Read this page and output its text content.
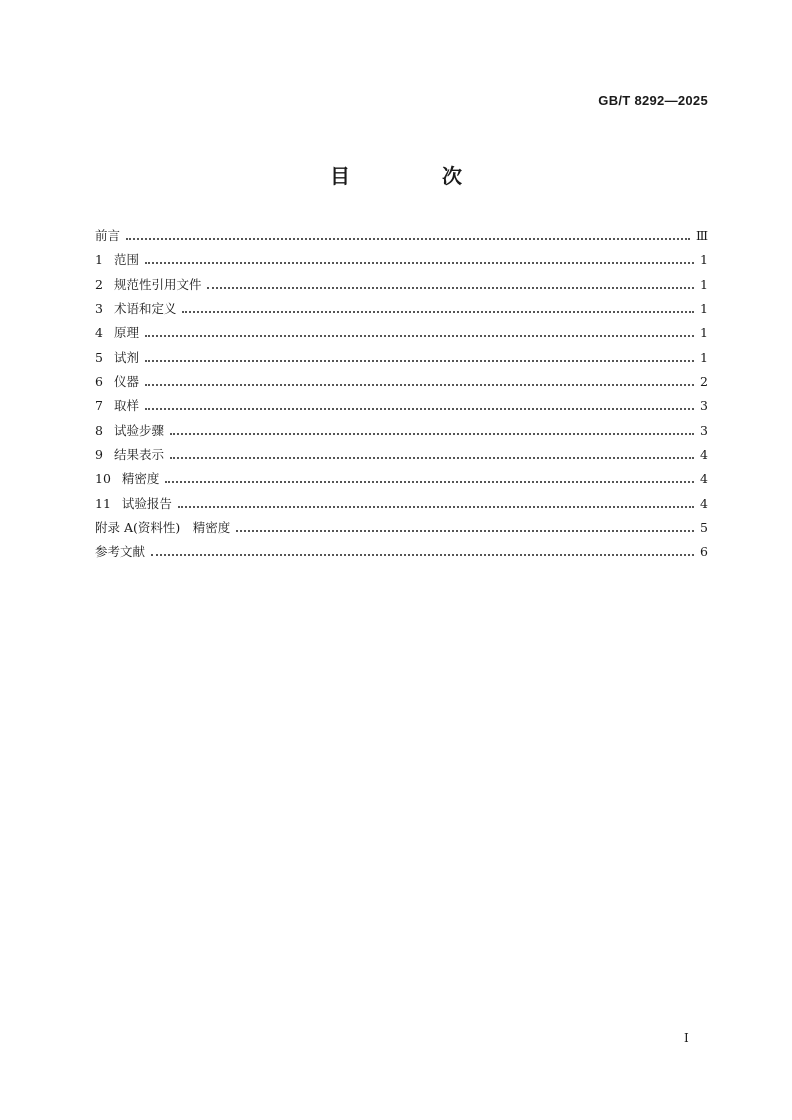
GB/T 8292—2025
目　次
前言	Ⅲ
1 范围	1
2 规范性引用文件	1
3 术语和定义	1
4 原理	1
5 试剂	1
6 仪器	2
7 取样	3
8 试验步骤	3
9 结果表示	4
10 精密度	4
11 试验报告	4
附录 A(资料性)　精密度	5
参考文献	6
I
